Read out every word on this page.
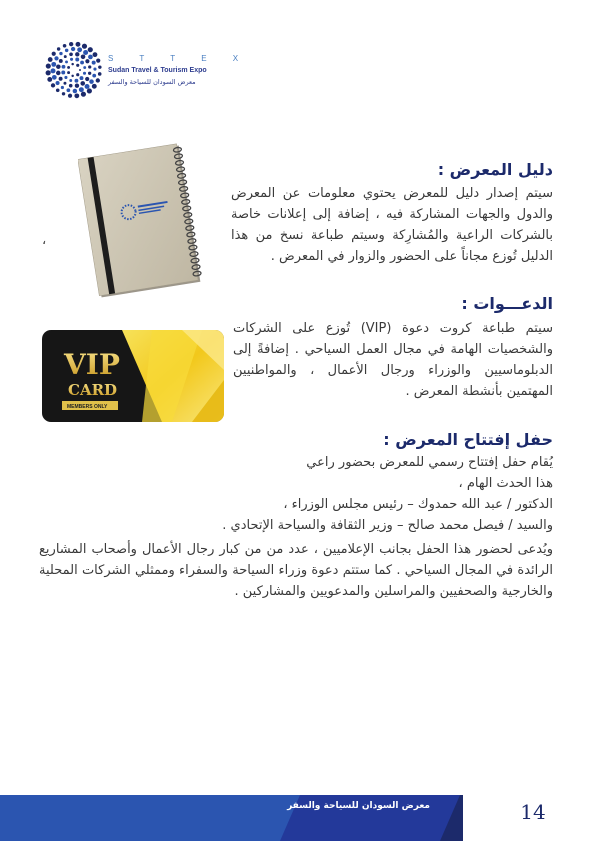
S T T E X
Sudan Travel & Tourism Expo
معرض السودان للسياحة والسفر
VIP
CARD
MEMBERS ONLY
دليل المعرض :
سيتم إصدار دليل للمعرض يحتوي معلومات عن المعرض والدول والجهات المشاركة فيه ، إضافة إلى إعلانات خاصة بالشركات الراعية والمُشارِكة وسيتم طباعة نسخ من هذا الدليل تُوزع مجاناً على الحضور والزوار في المعرض .
،
الدعـــوات :
سيتم طباعة كروت دعوة (VIP) تُوزع على الشركات والشخصيات الهامة في مجال العمل السياحي . إضافةً إلى الدبلوماسيين والوزراء ورجال الأعمال ، والمواطنيين المهتمين بأنشطة المعرض .
حفل إفتتاح المعرض :
يُقام حفل إفتتاح رسمي للمعرض بحضور راعي
هذا الحدث الهام ،
الدكتور / عبد الله حمدوك – رئيس مجلس الوزراء ،
والسيد / فيصل محمد صالح – وزير الثقافة والسياحة الإتحادي .
ويُدعى لحضور هذا الحفل بجانب الإعلاميين ، عدد من من كبار رجال الأعمال وأصحاب المشاريع الرائدة في المجال السياحي . كما ستتم دعوة وزراء السياحة والسفراء وممثلي الشركات المحلية والخارجية والصحفيين والمراسلين والمدعويين والمشاركين .
معرض السودان للسياحة والسفر	14
